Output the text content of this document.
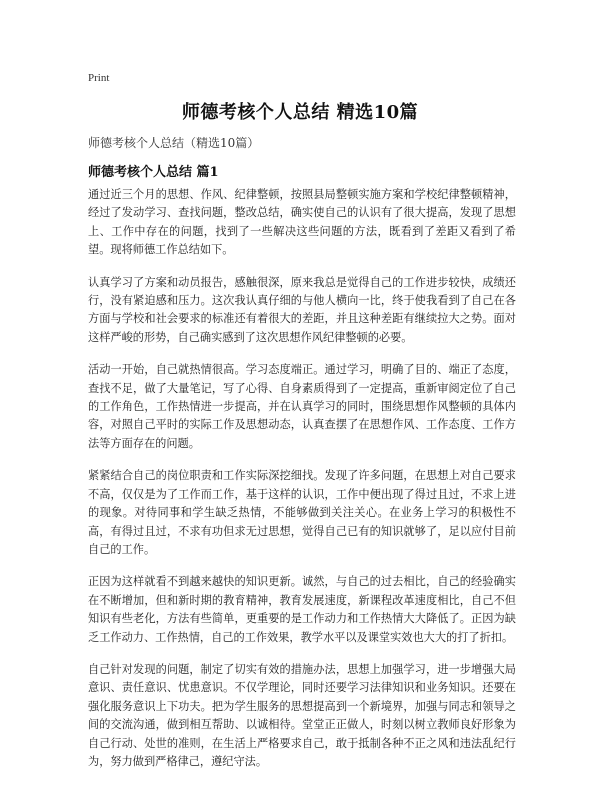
Print
师德考核个人总结 精选10篇
师德考核个人总结（精选10篇）
师德考核个人总结 篇1

通过近三个月的思想、作风、纪律整顿，按照县局整顿实施方案和学校纪律整顿精神，经过了发动学习、查找问题，整改总结，确实使自己的认识有了很大提高，发现了思想上、工作中存在的问题，找到了一些解决这些问题的方法，既看到了差距又看到了希望。现将师德工作总结如下。

认真学习了方案和动员报告，感触很深，原来我总是觉得自己的工作进步较快，成绩还行，没有紧迫感和压力。这次我认真仔细的与他人横向一比，终于使我看到了自己在各方面与学校和社会要求的标准还有着很大的差距，并且这种差距有继续拉大之势。面对这样严峻的形势，自己确实感到了这次思想作风纪律整顿的必要。

活动一开始，自己就热情很高。学习态度端正。通过学习，明确了目的、端正了态度，查找不足，做了大量笔记，写了心得、自身素质得到了一定提高，重新审阅定位了自己的工作角色，工作热情进一步提高，并在认真学习的同时，围绕思想作风整顿的具体内容，对照自己平时的实际工作及思想动态，认真查摆了在思想作风、工作态度、工作方法等方面存在的问题。

紧紧结合自己的岗位职责和工作实际深挖细找。发现了许多问题，在思想上对自己要求不高，仅仅是为了工作而工作，基于这样的认识，工作中便出现了得过且过，不求上进的现象。对待同事和学生缺乏热情，不能够做到关注关心。在业务上学习的积极性不高，有得过且过，不求有功但求无过思想，觉得自己已有的知识就够了，足以应付目前自己的工作。

正因为这样就看不到越来越快的知识更新。诚然，与自己的过去相比，自己的经验确实在不断增加，但和新时期的教育精神，教育发展速度，新课程改革速度相比，自己不但知识有些老化，方法有些简单，更重要的是工作动力和工作热情大大降低了。正因为缺乏工作动力、工作热情，自己的工作效果，教学水平以及课堂实效也大大的打了折扣。

自己针对发现的问题，制定了切实有效的措施办法，思想上加强学习，进一步增强大局意识、责任意识、忧患意识。不仅学理论，同时还要学习法律知识和业务知识。还要在强化服务意识上下功夫。把为学生服务的思想提高到一个新境界，加强与同志和领导之间的交流沟通，做到相互帮助、以诚相待。堂堂正正做人，时刻以树立教师良好形象为自己行动、处世的准则，在生活上严格要求自己，敢于抵制各种不正之风和违法乱纪行为，努力做到严格律己，遵纪守法。
